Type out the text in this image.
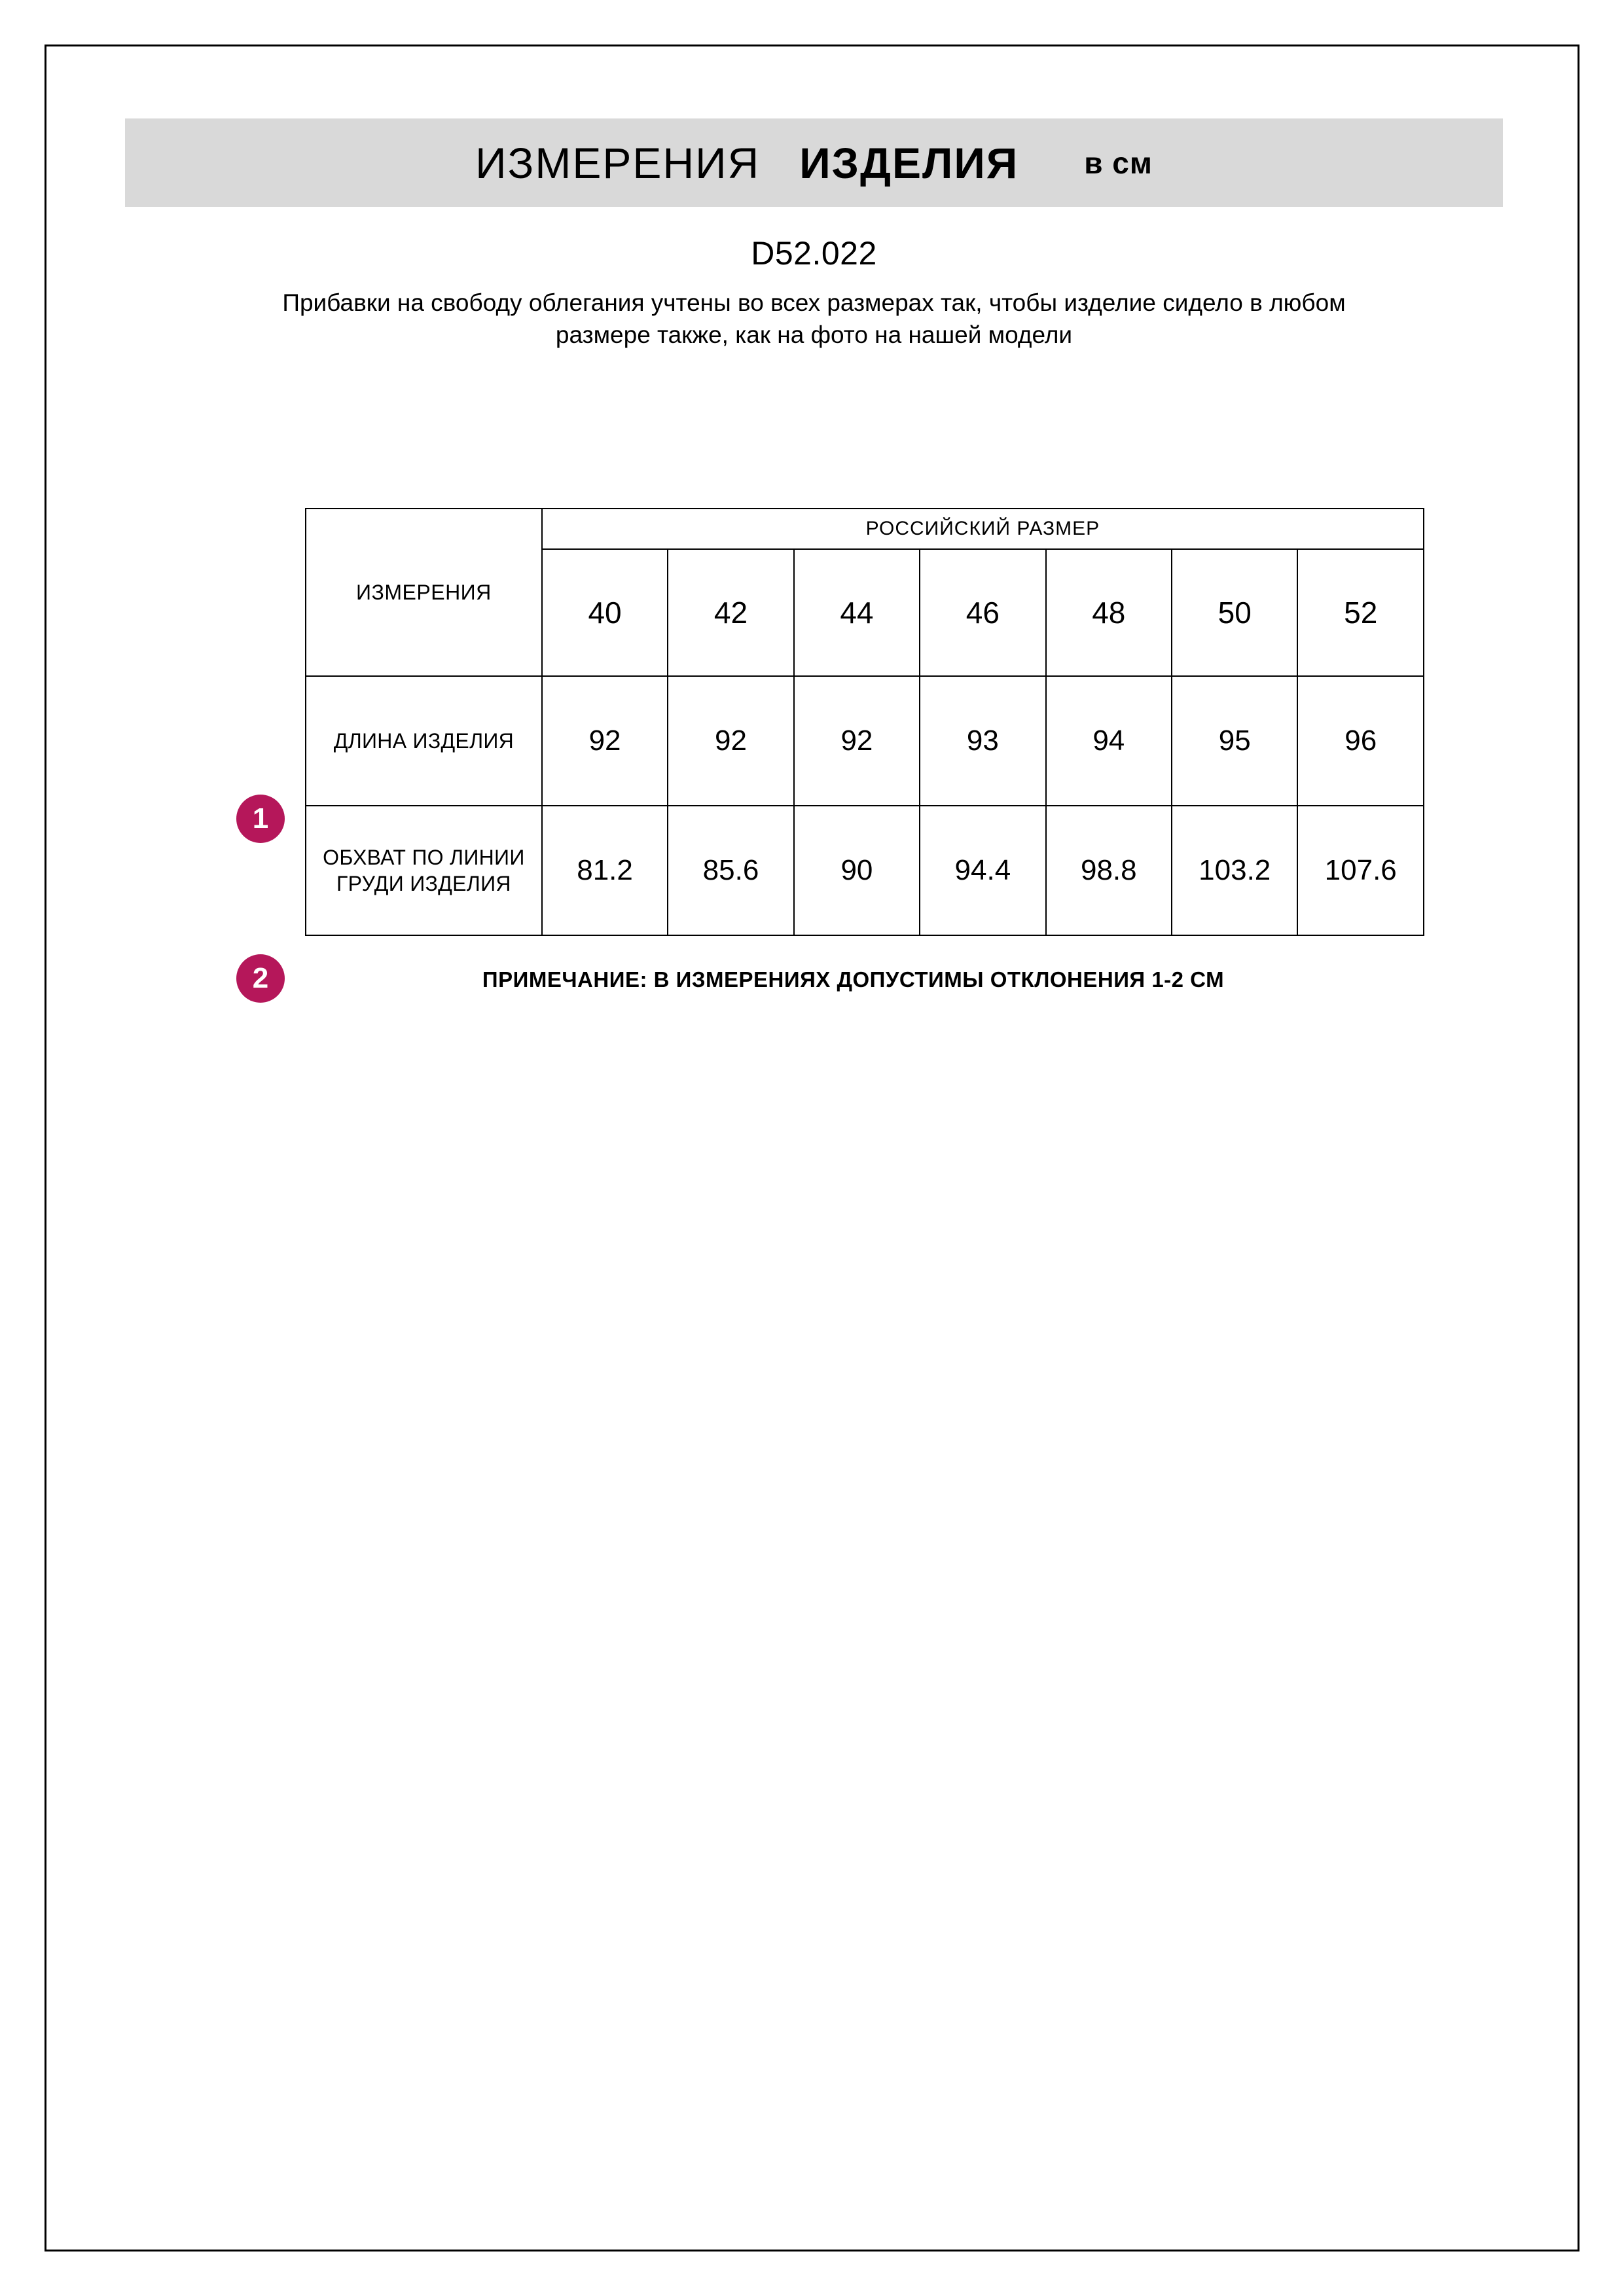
ИЗМЕРЕНИЯ ИЗДЕЛИЯ в см
D52.022
Прибавки на свободу облегания учтены во всех размерах так, чтобы изделие сидело в любом размере также, как на фото на нашей модели
1
2
ИЗМЕРЕНИЯ	РОССИЙСКИЙ РАЗМЕР						
	40	42	44	46	48	50	52
ДЛИНА ИЗДЕЛИЯ	92	92	92	93	94	95	96
ОБХВАТ ПО ЛИНИИ ГРУДИ ИЗДЕЛИЯ	81.2	85.6	90	94.4	98.8	103.2	107.6
ПРИМЕЧАНИЕ: В ИЗМЕРЕНИЯХ ДОПУСТИМЫ ОТКЛОНЕНИЯ 1-2 СМ
